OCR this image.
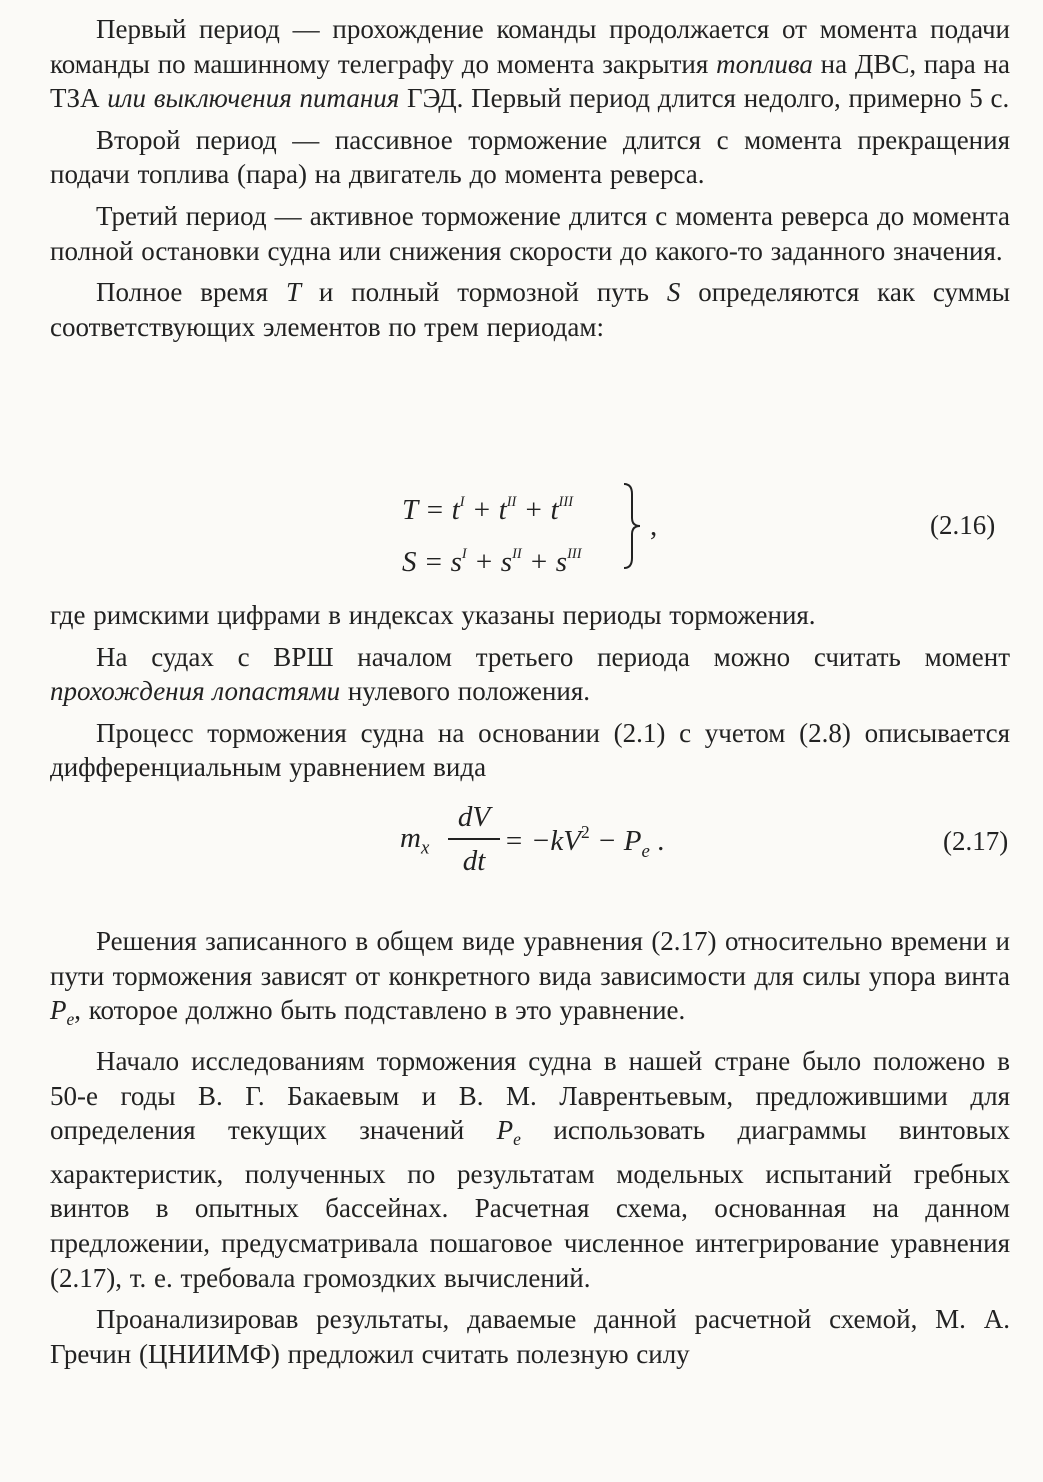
Первый период — прохождение команды продолжается от момента подачи команды по машинному телеграфу до момента закрытия топлива на ДВС, пара на ТЗА или выключения питания ГЭД. Первый период длится недолго, примерно 5 с.

Второй период — пассивное торможение длится с момента прекращения подачи топлива (пара) на двигатель до момента реверса.

Третий период — активное торможение длится с момента реверса до момента полной остановки судна или снижения скорости до какого-то заданного значения.

Полное время T и полный тормозной путь S определяются как суммы соответствующих элементов по трем периодам:

$T = t^I + t^{II} + t^{III}$
$S = s^I + s^{II} + s^{III}$
,	(2.16)

где римскими цифрами в индексах указаны периоды торможения.

На судах с ВРШ началом третьего периода можно считать момент прохождения лопастями нулевого положения.

Процесс торможения судна на основании (2.1) с учетом (2.8) описывается дифференциальным уравнением вида

$m_x$
dV
dt
= $-kV^2 - P_e$ .	(2.17)

Решения записанного в общем виде уравнения (2.17) относительно времени и пути торможения зависят от конкретного вида зависимости для силы упора винта $P_e$, которое должно быть подставлено в это уравнение.

Начало исследованиям торможения судна в нашей стране было положено в 50-е годы В. Г. Бакаевым и В. М. Лаврентьевым, предложившими для определения текущих значений $P_e$ использовать диаграммы винтовых характеристик, полученных по результатам модельных испытаний гребных винтов в опытных бассейнах. Расчетная схема, основанная на данном предложении, предусматривала пошаговое численное интегрирование уравнения (2.17), т. е. требовала громоздких вычислений.

Проанализировав результаты, даваемые данной расчетной схемой, М. А. Гречин (ЦНИИМФ) предложил считать полезную силу
